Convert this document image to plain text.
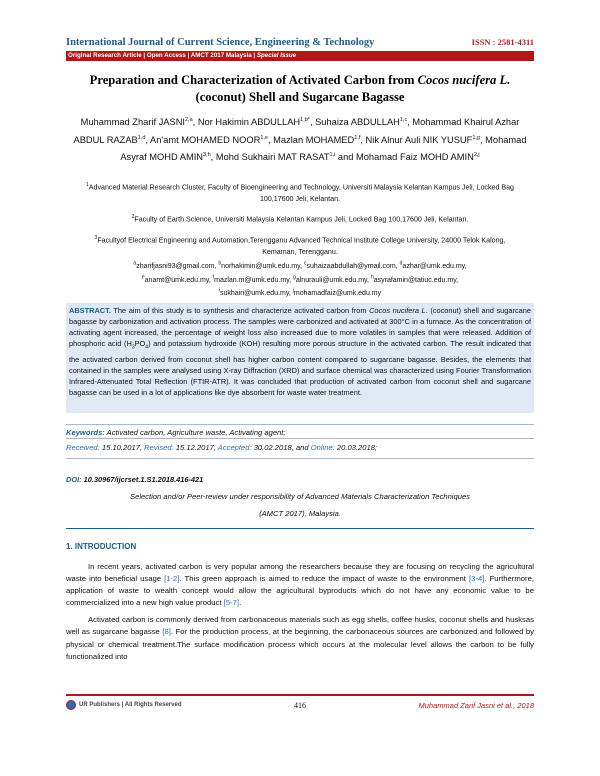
International Journal of Current Science, Engineering & Technology	ISSN : 2581-4311
Original Research Article | Open Access | AMCT 2017 Malaysia | Special Issue
Preparation and Characterization of Activated Carbon from Cocos nucifera L. (coconut) Shell and Sugarcane Bagasse
Muhammad Zharif JASNI$^{2,a}$, Nor Hakimin $ABDULLAH^{1,b*}$, Suhaiza ABDULLAH$^{1,c}$, Mohammad Khairul Azhar ABDUL RAZAB$^{1,d}$, An'amt MOHAMED NOOR$^{1,e}$, Mazlan MOHAMED$^{1,f}$, Nik Alnur Auli NIK YUSUF$^{1,g}$, Mohamad Asyraf MOHD AMIN$^{3,h}$, Mohd Sukhairi MAT RASAT$^{1,i}$ and Mohamad Faiz MOHD AMIN$^{2,j}$

$^1$Advanced Material Research Cluster, Faculty of Bioengineering and Technology, Universiti Malaysia Kelantan Kampus Jeli, Locked Bag 100,17600 Jeli, Kelantan.

$^2$Faculty of Earth Science, Universiti Malaysia Kelantan Kampus Jeli, Locked Bag 100,17600 Jeli, Kelantan.

$^3$Facultyof Electrical Engineering and Automation,Terengganu Advanced Technical Institute College University, 24000 Telok Kalong, Kemaman, Terengganu.

$^a$zharifjasni93@gmail.com, $^b$norhakimin@umk.edu.my, $^c$suhaizaabdullah@ymail.com, $^d$azhar@umk.edu.my,
$^e$anamt@umk.edu.my, $^f$mazlan.m@umk.edu.my, $^g$alnurauli@umk.edu.my, $^h$asyrafamin@tatiuc.edu.my,
$^i$sukhairi@umk.edu.my, $^j$mohamadfaiz@umk.edu.my
ABSTRACT. The aim of this study is to synthesis and characterize activated carbon from Cocos nucifera L. (coconut) shell and sugarcane bagasse by carbonization and activation process. The samples were carbonized and activated at 300°C in a furnace. As the concentration of activating agent increased, the percentage of weight loss also increased due to more volatiles in samples that were released. Addition of phosphoric acid $(H_3PO_4)$ and potassium hydroxide (KOH) resulting more porous structure in the activated carbon. The result indicated that the activated carbon derived from coconut shell has higher carbon content compared to sugarcane bagasse. Besides, the elements that contained in the samples were analysed using X-ray Diffraction (XRD) and surface chemical was characterized using Fourier Transformation Infrared-Attenuated Total Reflection (FTIR-ATR). It was concluded that production of activated carbon from coconut shell and sugarcane bagasse can be used in a lot of applications like dye absorbent for waste water treatment.
Keywords: Activated carbon, Agriculture waste, Activating agent;
Received: 15.10.2017, Revised: 15.12.2017, Accepted: 30.02.2018, and Online: 20.03.2018;
DOI: 10.30967/ijcrset.1.S1.2018.416-421
Selection and/or Peer-review under responsibility of Advanced Materials Characterization Techniques
(AMCT 2017), Malaysia.
1. INTRODUCTION

In recent years, activated carbon is very popular among the researchers because they are focusing on recycling the agricultural waste into beneficial usage [1-2]. This green approach is aimed to reduce the impact of waste to the environment [3-4]. Furthermore, application of waste to wealth concept would allow the agricultural byproducts which do not have any economic value to be commercialized into a new high value product [5-7].

Activated carbon is commonly derived from carbonaceous materials such as egg shells, coffee husks, coconut shells and husksas well as sugarcane bagasse [8]. For the production process, at the beginning, the carbonaceous sources are carbonized and followed by physical or chemical treatment.The surface modification process which occurs at the molecular level allows the carbon to be fully functionalized into

UR Publishers | All Rights Reserved	416	Muhammad Zarif Jasni et al., 2018
